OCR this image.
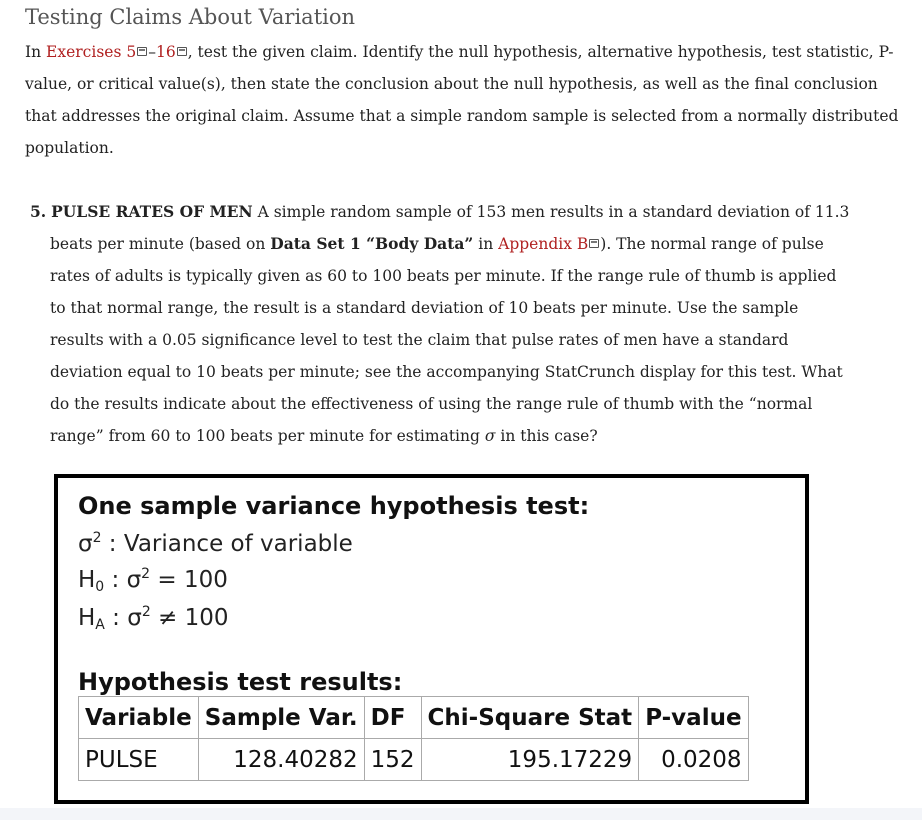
Testing Claims About Variation
In Exercises 5 –16 , test the given claim. Identify the null hypothesis, alternative hypothesis, test statistic, P-value, or critical value(s), then state the conclusion about the null hypothesis, as well as the final conclusion that addresses the original claim. Assume that a simple random sample is selected from a normally distributed population.
5. PULSE RATES OF MEN A simple random sample of 153 men results in a standard deviation of 11.3 beats per minute (based on Data Set 1 “Body Data” in Appendix B ). The normal range of pulse rates of adults is typically given as 60 to 100 beats per minute. If the range rule of thumb is applied to that normal range, the result is a standard deviation of 10 beats per minute. Use the sample results with a 0.05 significance level to test the claim that pulse rates of men have a standard deviation equal to 10 beats per minute; see the accompanying StatCrunch display for this test. What do the results indicate about the effectiveness of using the range rule of thumb with the “normal range” from 60 to 100 beats per minute for estimating σ in this case?
One sample variance hypothesis test:
$\sigma^2$ : Variance of variable
$H_0$ : $\sigma^2 = 100$
$H_A$ : $\sigma^2 \ne 100$
Hypothesis test results:
Variable	Sample Var.	DF	Chi-Square Stat	P-value
PULSE	128.40282	152	195.17229	0.0208
